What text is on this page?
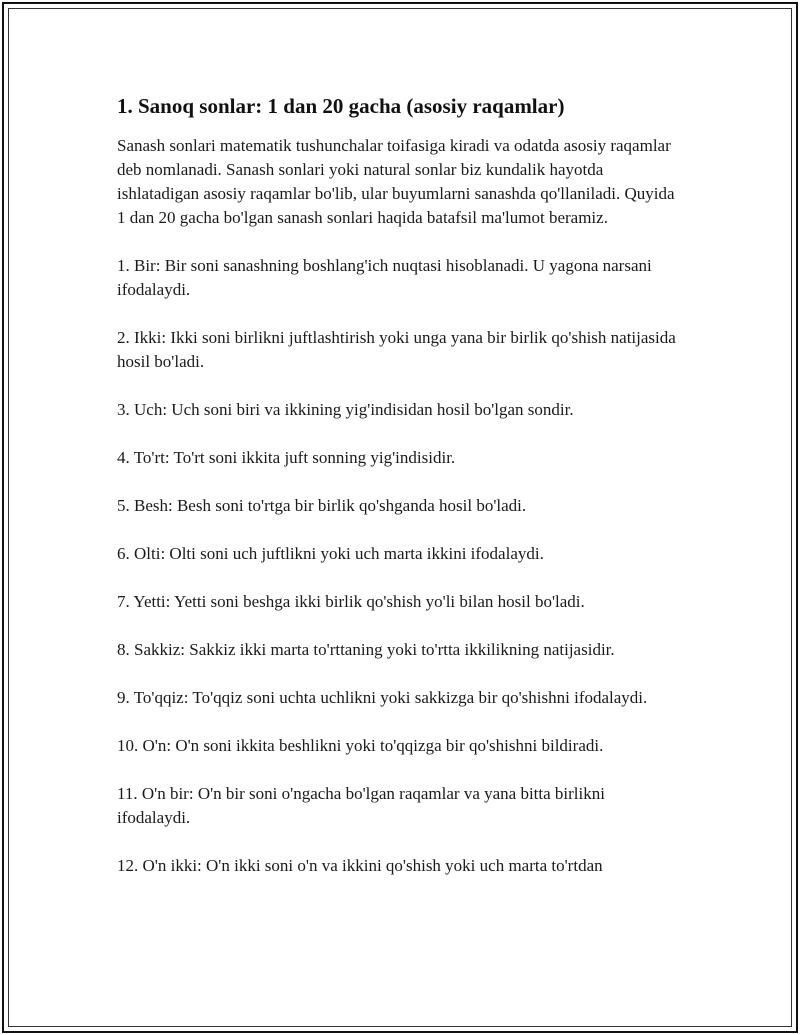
1. Sanoq sonlar: 1 dan 20 gacha (asosiy raqamlar)

Sanash sonlari matematik tushunchalar toifasiga kiradi va odatda asosiy raqamlar deb nomlanadi. Sanash sonlari yoki natural sonlar biz kundalik hayotda ishlatadigan asosiy raqamlar bo'lib, ular buyumlarni sanashda qo'llaniladi. Quyida 1 dan 20 gacha bo'lgan sanash sonlari haqida batafsil ma'lumot beramiz.

1. Bir: Bir soni sanashning boshlang'ich nuqtasi hisoblanadi. U yagona narsani ifodalaydi.

2. Ikki: Ikki soni birlikni juftlashtirish yoki unga yana bir birlik qo'shish natijasida hosil bo'ladi.

3. Uch: Uch soni biri va ikkining yig'indisidan hosil bo'lgan sondir.

4. To'rt: To'rt soni ikkita juft sonning yig'indisidir.

5. Besh: Besh soni to'rtga bir birlik qo'shganda hosil bo'ladi.

6. Olti: Olti soni uch juftlikni yoki uch marta ikkini ifodalaydi.

7. Yetti: Yetti soni beshga ikki birlik qo'shish yo'li bilan hosil bo'ladi.

8. Sakkiz: Sakkiz ikki marta to'rttaning yoki to'rtta ikkilikning natijasidir.

9. To'qqiz: To'qqiz soni uchta uchlikni yoki sakkizga bir qo'shishni ifodalaydi.

10. O'n: O'n soni ikkita beshlikni yoki to'qqizga bir qo'shishni bildiradi.

11. O'n bir: O'n bir soni o'ngacha bo'lgan raqamlar va yana bitta birlikni ifodalaydi.

12. O'n ikki: O'n ikki soni o'n va ikkini qo'shish yoki uch marta to'rtdan
